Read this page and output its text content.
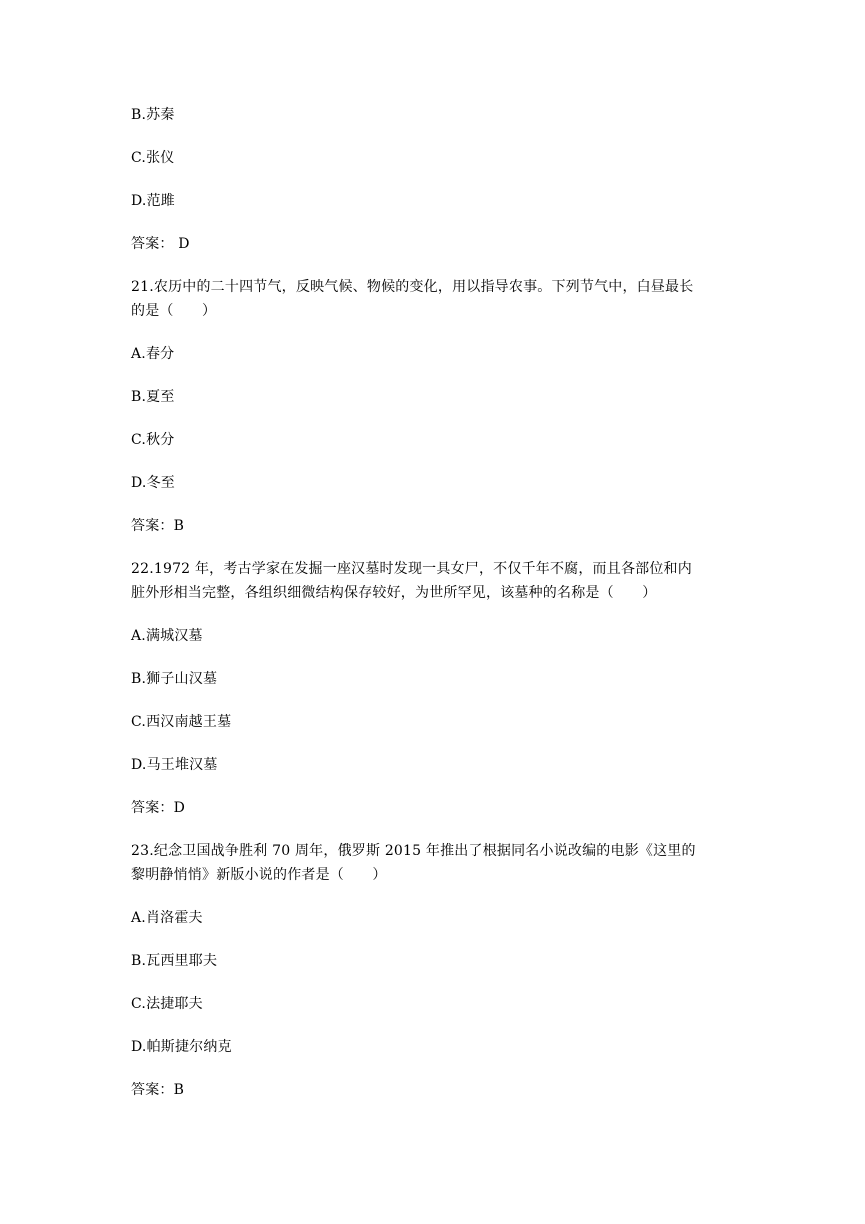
B.苏秦

C.张仪

D.范雎

答案： D

21.农历中的二十四节气，反映气候、物候的变化，用以指导农事。下列节气中，白昼最长

的是（　　）

A.春分

B.夏至

C.秋分

D.冬至

答案：B

22.1972 年，考古学家在发掘一座汉墓时发现一具女尸，不仅千年不腐，而且各部位和内

脏外形相当完整，各组织细微结构保存较好，为世所罕见，该墓种的名称是（　　）

A.满城汉墓

B.狮子山汉墓

C.西汉南越王墓

D.马王堆汉墓

答案：D

23.纪念卫国战争胜利 70 周年，俄罗斯 2015 年推出了根据同名小说改编的电影《这里的

黎明静悄悄》新版小说的作者是（　　）

A.肖洛霍夫

B.瓦西里耶夫

C.法捷耶夫

D.帕斯捷尔纳克

答案：B
